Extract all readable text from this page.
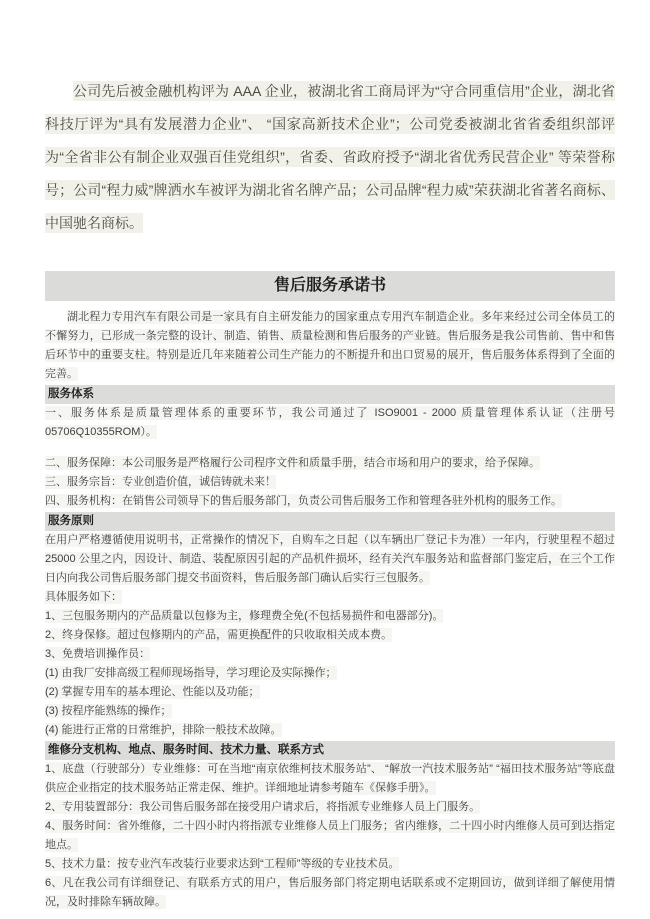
公司先后被金融机构评为 AAA 企业，被湖北省工商局评为“守合同重信用”企业，湖北省科技厅评为“具有发展潜力企业”、 “国家高新技术企业”；公司党委被湖北省省委组织部评为“全省非公有制企业双强百佳党组织”，省委、省政府授予“湖北省优秀民营企业” 等荣誉称号；公司“程力威”牌洒水车被评为湖北省名牌产品；公司品牌“程力威”荣获湖北省著名商标、中国驰名商标。

售后服务承诺书

湖北程力专用汽车有限公司是一家具有自主研发能力的国家重点专用汽车制造企业。多年来经过公司全体员工的不懈努力，已形成一条完整的设计、制造、销售、质量检测和售后服务的产业链。售后服务是我公司售前、售中和售后环节中的重要支柱。特别是近几年来随着公司生产能力的不断提升和出口贸易的展开，售后服务体系得到了全面的完善。

服务体系

一、服务体系是质量管理体系的重要环节，我公司通过了 ISO9001 - 2000 质量管理体系认证（注册号 05706Q10355ROM）。

二、服务保障：本公司服务是严格履行公司程序文件和质量手册，结合市场和用户的要求，给予保障。

三、服务宗旨：专业创造价值，诚信铸就未来！

四、服务机构：在销售公司领导下的售后服务部门，负责公司售后服务工作和管理各驻外机构的服务工作。

服务原则

在用户严格遵循使用说明书，正常操作的情况下，自购车之日起（以车辆出厂登记卡为准）一年内，行驶里程不超过 25000 公里之内，因设计、制造、装配原因引起的产品机件损坏，经有关汽车服务站和监督部门鉴定后，在三个工作日内向我公司售后服务部门提交书面资料，售后服务部门确认后实行三包服务。

具体服务如下：

1、三包服务期内的产品质量以包修为主，修理费全免(不包括易损件和电器部分)。

2、终身保修。超过包修期内的产品，需更换配件的只收取相关成本费。

3、免费培训操作员：

(1) 由我厂安排高级工程师现场指导，学习理论及实际操作；

(2) 掌握专用车的基本理论、性能以及功能；

(3) 按程序能熟练的操作；

(4) 能进行正常的日常维护，排除一般技术故障。

维修分支机构、地点、服务时间、技术力量、联系方式

1、底盘（行驶部分）专业维修：可在当地“南京依维柯技术服务站”、 “解放一汽技术服务站” “福田技术服务站”等底盘供应企业指定的技术服务站正常走保、维护。详细地址请参考随车《保修手册》。

2、专用装置部分：我公司售后服务部在接受用户请求后，将指派专业维修人员上门服务。

4、服务时间：省外维修，二十四小时内将指派专业维修人员上门服务；省内维修，二十四小时内维修人员可到达指定地点。

5、技术力量：按专业汽车改装行业要求达到“工程师”等级的专业技术员。

6、凡在我公司有详细登记、有联系方式的用户，售后服务部门将定期电话联系或不定期回访，做到详细了解使用情况，及时排除车辆故障。
